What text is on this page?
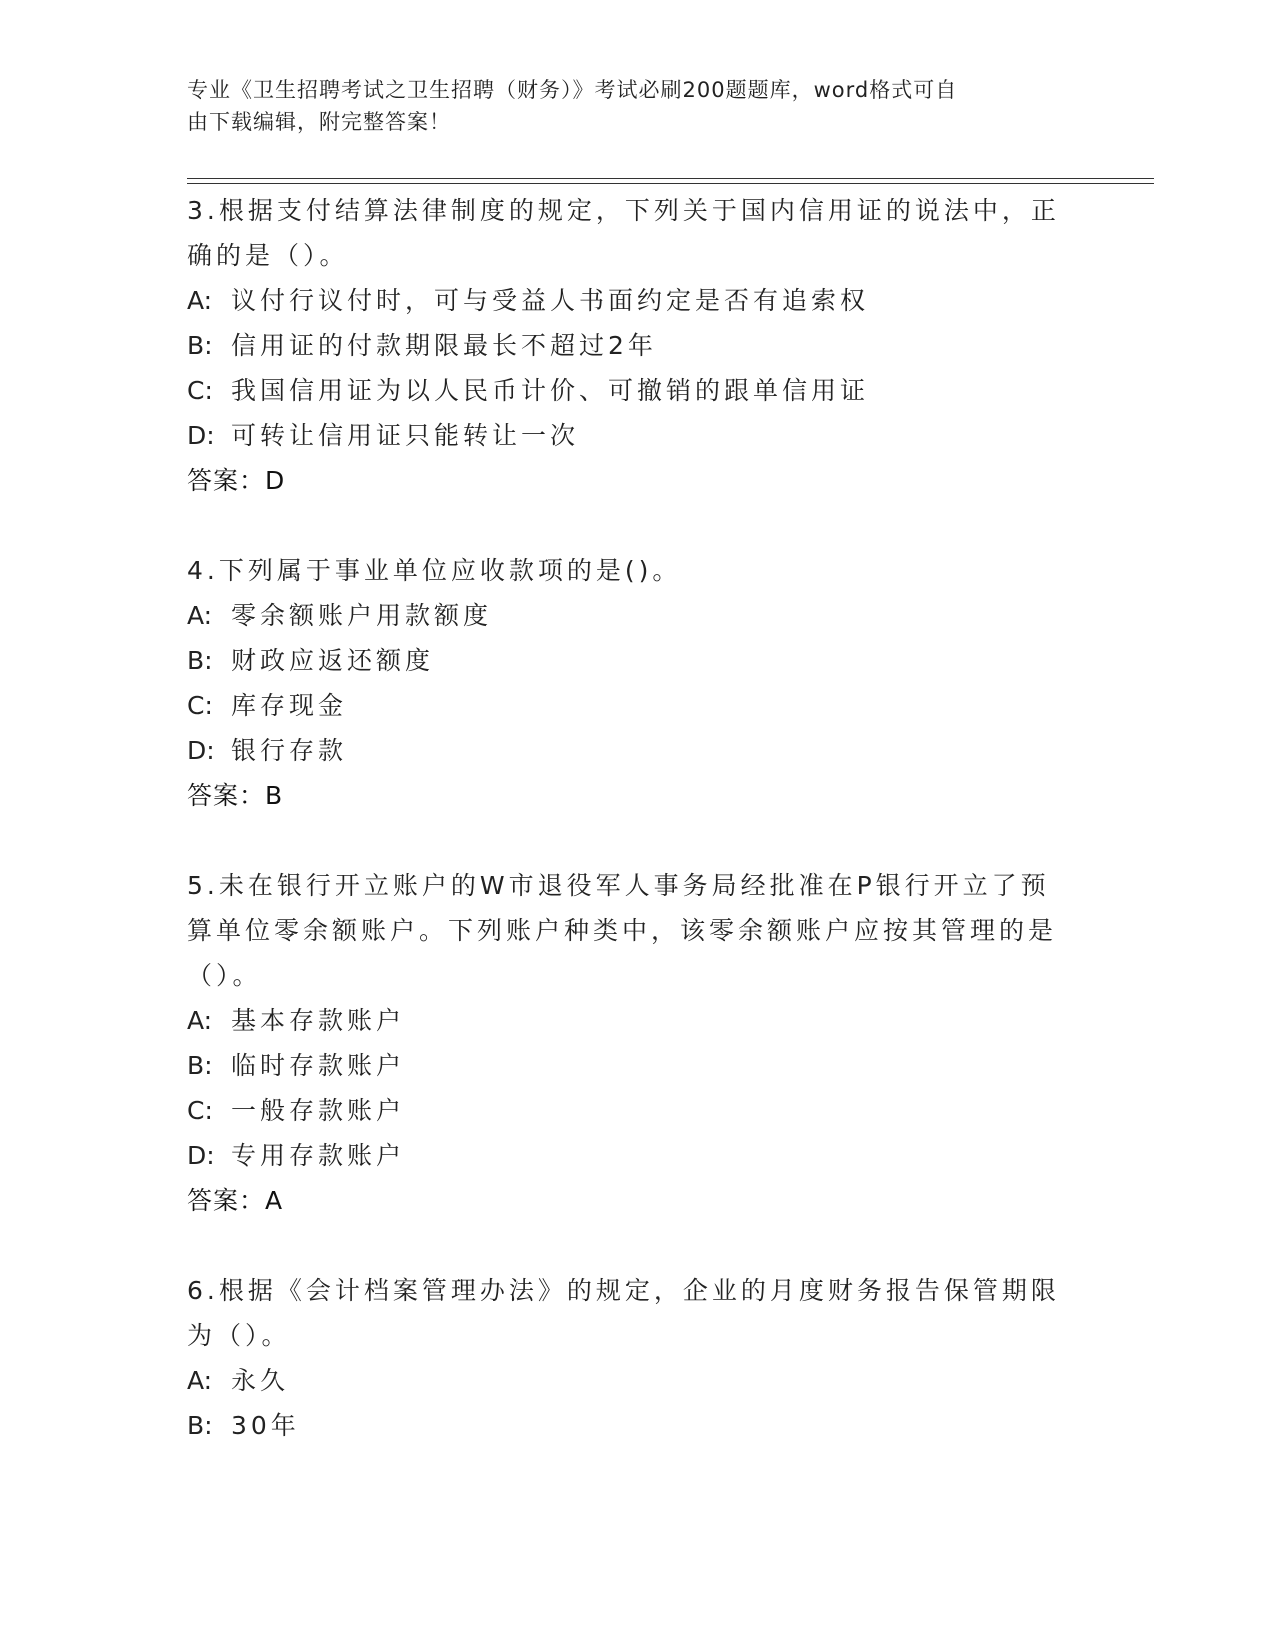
专业《卫生招聘考试之卫生招聘（财务）》考试必刷200题题库，word格式可自
由下载编辑，附完整答案！
3.根据支付结算法律制度的规定，下列关于国内信用证的说法中，正确的是（）。
A: 议付行议付时，可与受益人书面约定是否有追索权
B: 信用证的付款期限最长不超过2年
C: 我国信用证为以人民币计价、可撤销的跟单信用证
D: 可转让信用证只能转让一次
答案：D
4.下列属于事业单位应收款项的是()。
A: 零余额账户用款额度
B: 财政应返还额度
C: 库存现金
D: 银行存款
答案：B
5.未在银行开立账户的W市退役军人事务局经批准在P银行开立了预算单位零余额账户。下列账户种类中，该零余额账户应按其管理的是（）。
A: 基本存款账户
B: 临时存款账户
C: 一般存款账户
D: 专用存款账户
答案：A
6.根据《会计档案管理办法》的规定，企业的月度财务报告保管期限为（）。
A: 永久
B: 30年
